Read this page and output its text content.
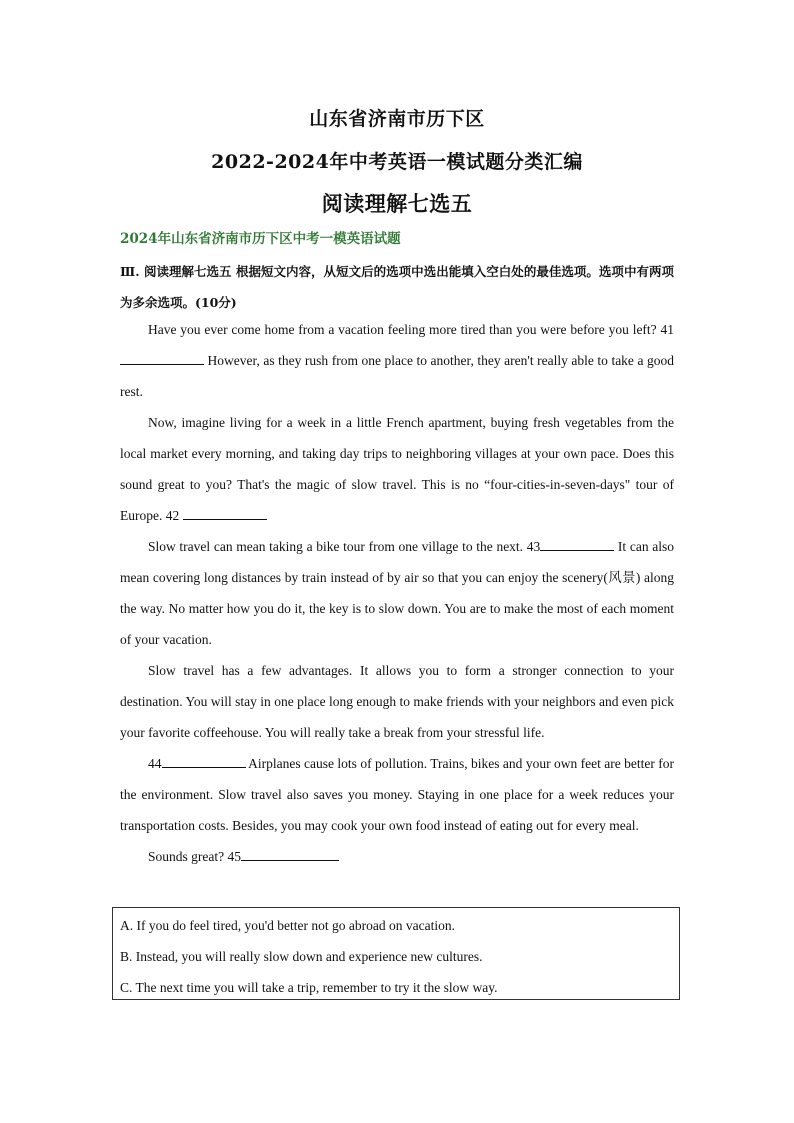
山东省济南市历下区
2022-2024年中考英语一模试题分类汇编
阅读理解七选五
2024年山东省济南市历下区中考一模英语试题
Ⅲ. 阅读理解七选五 根据短文内容，从短文后的选项中选出能填入空白处的最佳选项。选项中有两项为多余选项。(10分)

Have you ever come home from a vacation feeling more tired than you were before you left? 41 However, as they rush from one place to another, they aren't really able to take a good rest.

Now, imagine living for a week in a little French apartment, buying fresh vegetables from the local market every morning, and taking day trips to neighboring villages at your own pace. Does this sound great to you? That's the magic of slow travel. This is no “four-cities-in-seven-days" tour of Europe. 42

Slow travel can mean taking a bike tour from one village to the next. 43	It can also mean covering long distances by train instead of by air so that you can enjoy the scenery(风景) along the way. No matter how you do it, the key is to slow down. You are to make the most of each moment of your vacation.

Slow travel has a few advantages. It allows you to form a stronger connection to your destination. You will stay in one place long enough to make friends with your neighbors and even pick your favorite coffeehouse. You will really take a break from your stressful life.

44	Airplanes cause lots of pollution. Trains, bikes and your own feet are better for the environment. Slow travel also saves you money. Staying in one place for a week reduces your transportation costs. Besides, you may cook your own food instead of eating out for every meal.

Sounds great? 45

A. If you do feel tired, you'd better not go abroad on vacation.
B. Instead, you will really slow down and experience new cultures.
C. The next time you will take a trip, remember to try it the slow way.
